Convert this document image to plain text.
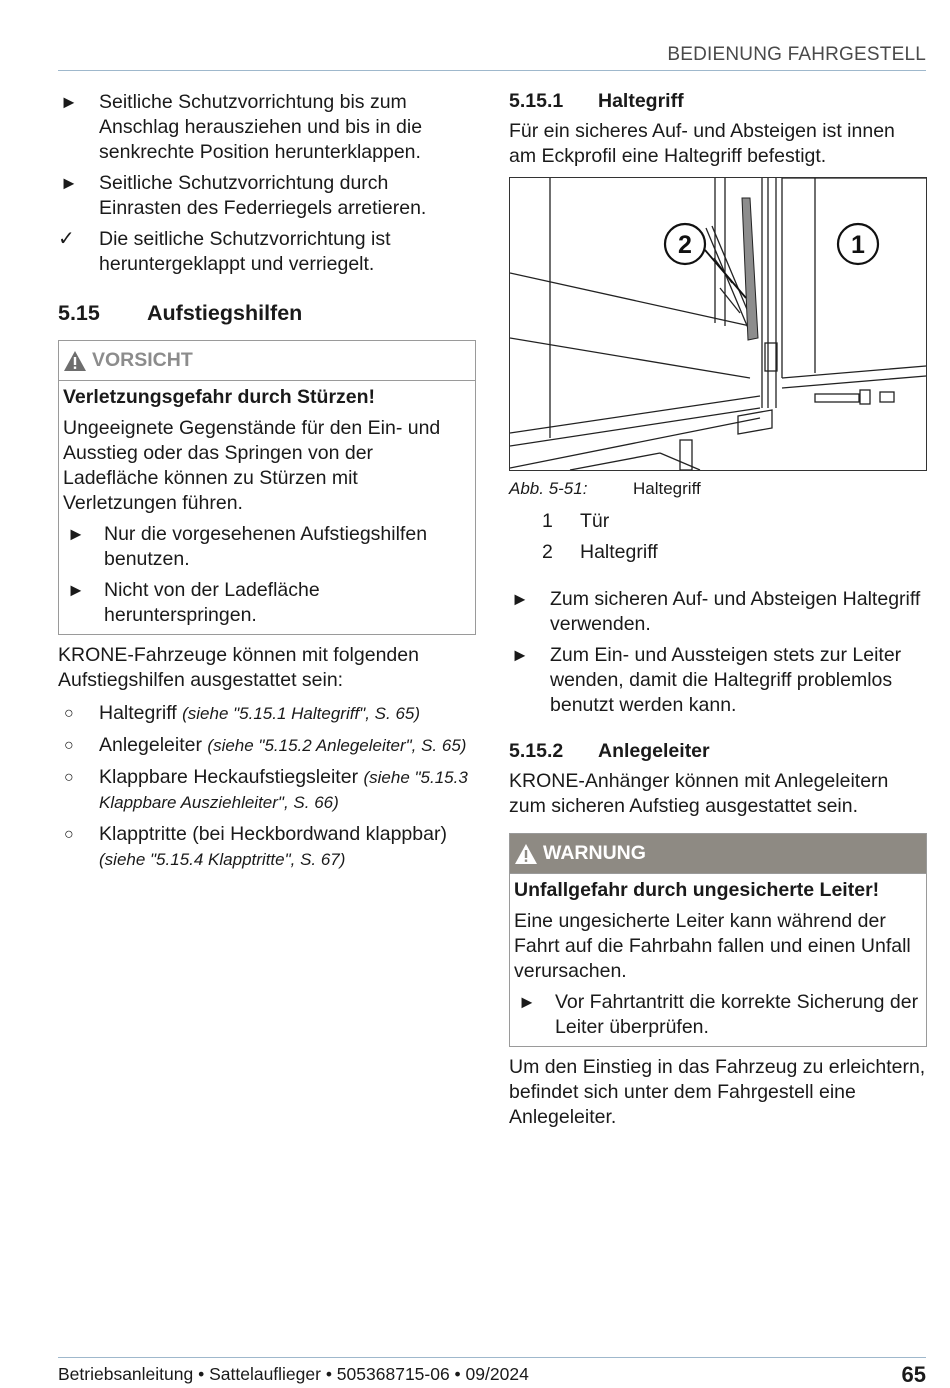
BEDIENUNG FAHRGESTELL
► Seitliche Schutzvorrichtung bis zum Anschlag herausziehen und bis in die senkrechte Position herunterklappen.
► Seitliche Schutzvorrichtung durch Einrasten des Federriegels arretieren.
✓ Die seitliche Schutzvorrichtung ist heruntergeklappt und verriegelt.
5.15 Aufstiegshilfen
VORSICHT

Verletzungsgefahr durch Stürzen!

Ungeeignete Gegenstände für den Ein- und Ausstieg oder das Springen von der Ladefläche können zu Stürzen mit Verletzungen führen.

► Nur die vorgesehenen Aufstiegshilfen benutzen.
► Nicht von der Ladefläche herunterspringen.

KRONE-Fahrzeuge können mit folgenden Aufstiegshilfen ausgestattet sein:

○ Haltegriff (siehe "5.15.1 Haltegriff", S. 65)
○ Anlegeleiter (siehe "5.15.2 Anlegeleiter", S. 65)
○ Klappbare Heckaufstiegsleiter (siehe "5.15.3 Klappbare Ausziehleiter", S. 66)
○ Klapptritte (bei Heckbordwand klappbar) (siehe "5.15.4 Klapptritte", S. 67)
5.15.1 Haltegriff

Für ein sicheres Auf- und Absteigen ist innen am Eckprofil eine Haltegriff befestigt.

2	1
Abb. 5-51:	Haltegriff
1	Tür
2	Haltegriff
► Zum sicheren Auf- und Absteigen Haltegriff verwenden.
► Zum Ein- und Aussteigen stets zur Leiter wenden, damit die Haltegriff problemlos benutzt werden kann.
5.15.2 Anlegeleiter

KRONE-Anhänger können mit Anlegeleitern zum sicheren Aufstieg ausgestattet sein.

WARNUNG

Unfallgefahr durch ungesicherte Leiter!

Eine ungesicherte Leiter kann während der Fahrt auf die Fahrbahn fallen und einen Unfall verursachen.

► Vor Fahrtantritt die korrekte Sicherung der Leiter überprüfen.

Um den Einstieg in das Fahrzeug zu erleichtern, befindet sich unter dem Fahrgestell eine Anlegeleiter.

Betriebsanleitung • Sattelauflieger • 505368715-06 • 09/2024	65
